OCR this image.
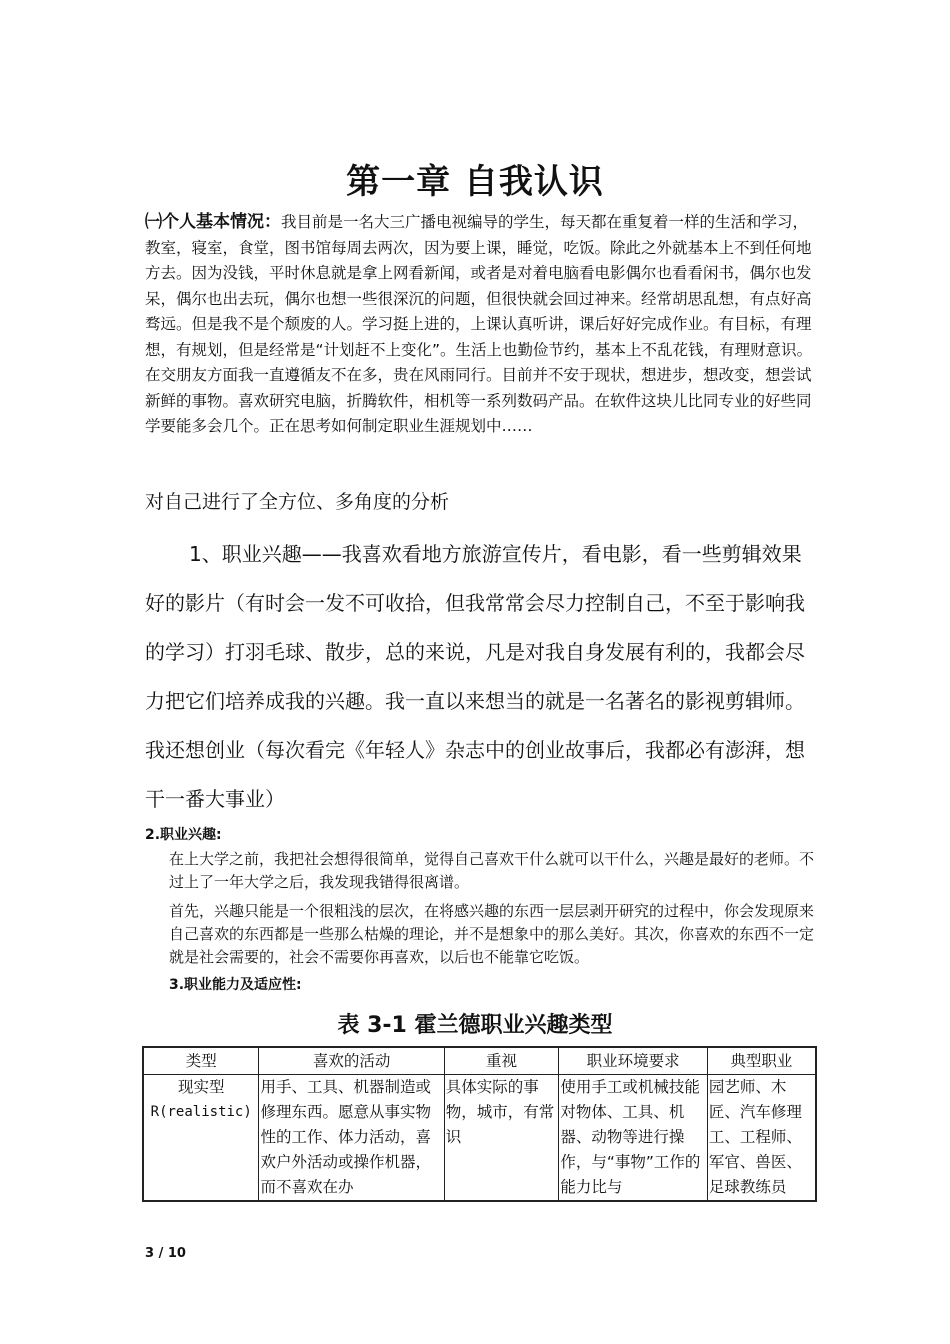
第一章 自我认识
㈠个人基本情况：我目前是一名大三广播电视编导的学生，每天都在重复着一样的生活和学习，教室，寝室，食堂，图书馆每周去两次，因为要上课，睡觉，吃饭。除此之外就基本上不到任何地方去。因为没钱，平时休息就是拿上网看新闻，或者是对着电脑看电影偶尔也看看闲书，偶尔也发呆，偶尔也出去玩，偶尔也想一些很深沉的问题，但很快就会回过神来。经常胡思乱想，有点好高骛远。但是我不是个颓废的人。学习挺上进的，上课认真听讲，课后好好完成作业。有目标，有理想，有规划，但是经常是“计划赶不上变化”。生活上也勤俭节约，基本上不乱花钱，有理财意识。在交朋友方面我一直遵循友不在多，贵在风雨同行。目前并不安于现状，想进步，想改变，想尝试新鲜的事物。喜欢研究电脑，折腾软件，相机等一系列数码产品。在软件这块儿比同专业的好些同学要能多会几个。正在思考如何制定职业生涯规划中……
对自己进行了全方位、多角度的分析
1、职业兴趣——我喜欢看地方旅游宣传片，看电影，看一些剪辑效果好的影片（有时会一发不可收拾，但我常常会尽力控制自己，不至于影响我的学习）打羽毛球、散步，总的来说，凡是对我自身发展有利的，我都会尽力把它们培养成我的兴趣。我一直以来想当的就是一名著名的影视剪辑师。我还想创业（每次看完《年轻人》杂志中的创业故事后，我都必有澎湃，想干一番大事业）
2.职业兴趣:
在上大学之前，我把社会想得很简单，觉得自己喜欢干什么就可以干什么，兴趣是最好的老师。不过上了一年大学之后，我发现我错得很离谱。
首先，兴趣只能是一个很粗浅的层次，在将感兴趣的东西一层层剥开研究的过程中，你会发现原来自己喜欢的东西都是一些那么枯燥的理论，并不是想象中的那么美好。其次，你喜欢的东西不一定就是社会需要的，社会不需要你再喜欢，以后也不能靠它吃饭。
3.职业能力及适应性:
表 3-1 霍兰德职业兴趣类型
类型	喜欢的活动	重视	职业环境要求	典型职业

现实型
R(realistic)	用手、工具、机器制造或修理东西。愿意从事实物性的工作、体力活动，喜欢户外活动或操作机器，而不喜欢在办	具体实际的事物，城市，有常识	使用手工或机械技能对物体、工具、机器、动物等进行操作，与“事物”工作的能力比与	园艺师、木匠、汽车修理工、工程师、军官、兽医、足球教练员
3 / 10
